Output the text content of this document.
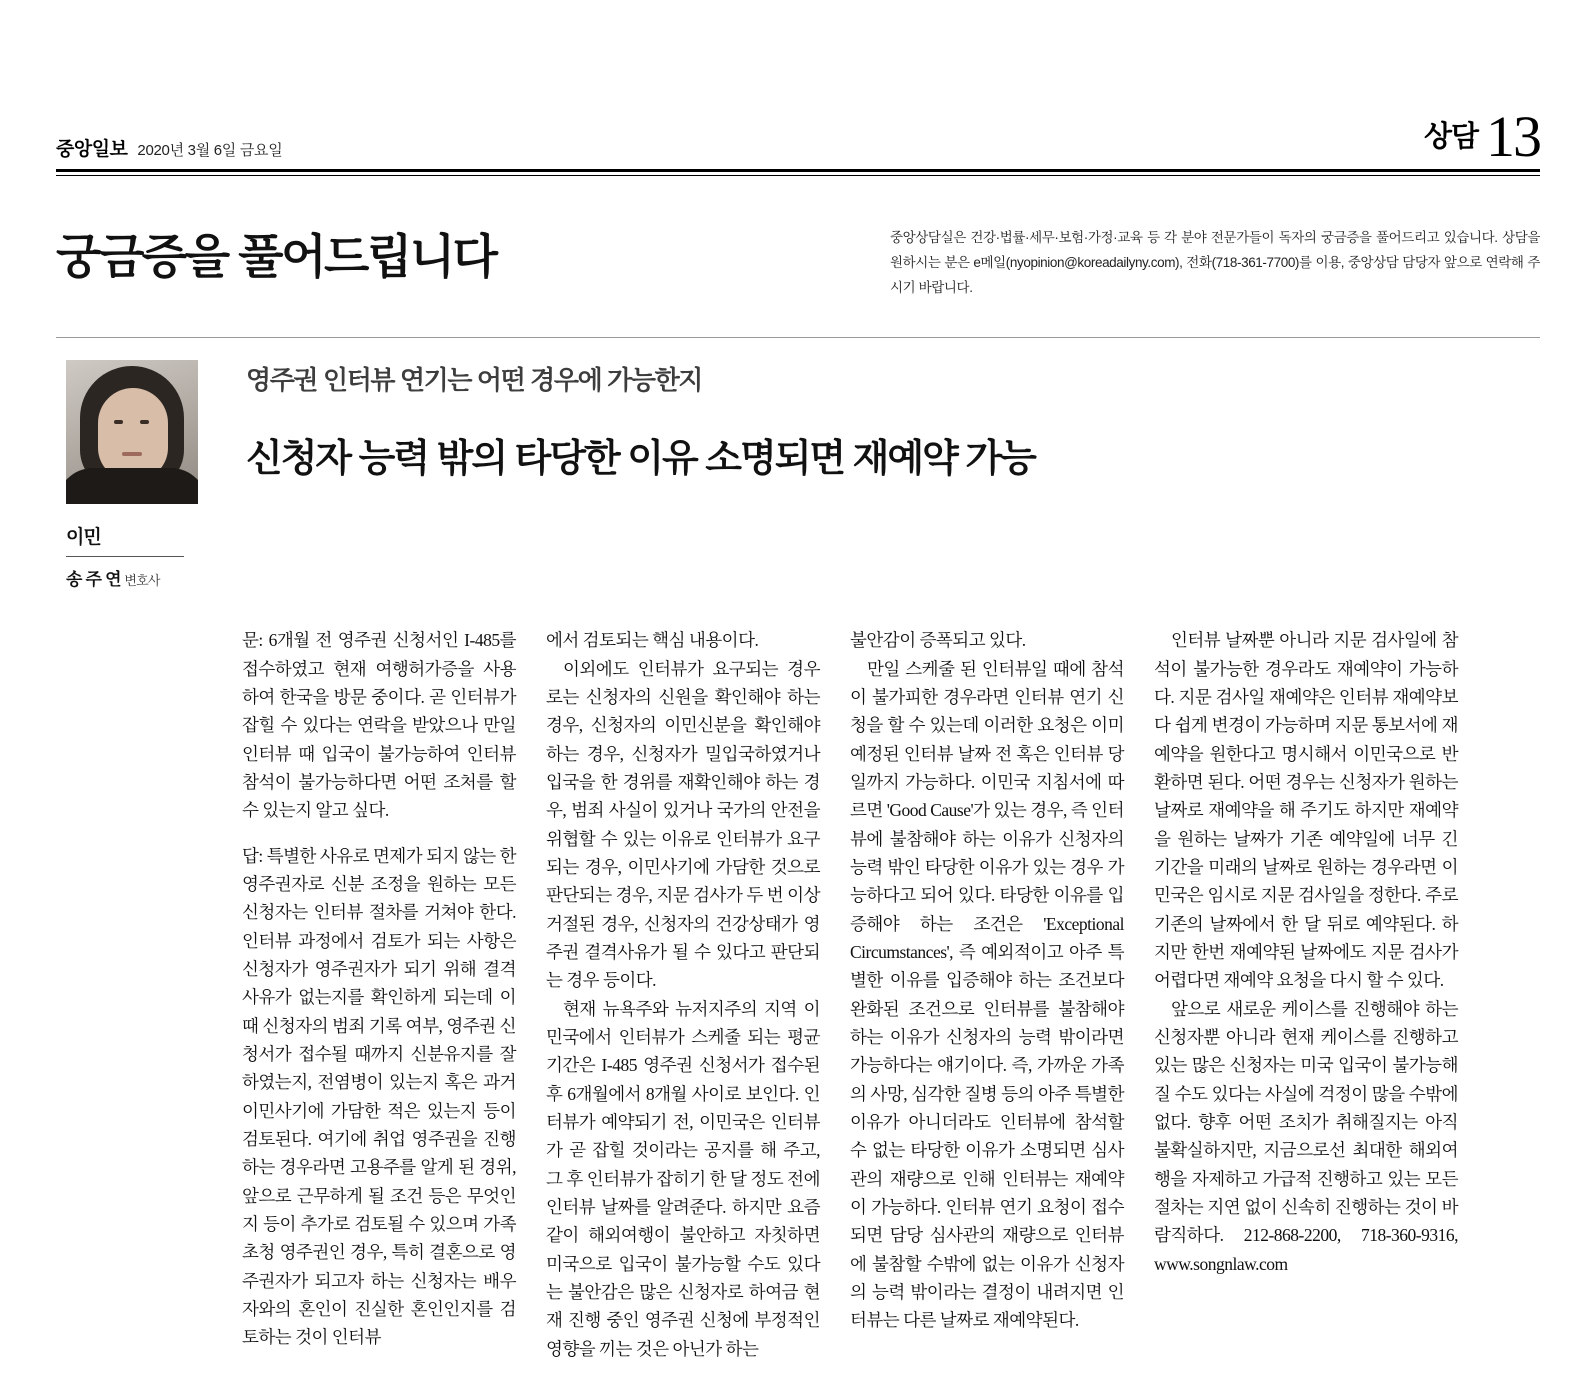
중앙일보 2020년 3월 6일 금요일	상담 13
궁금증을 풀어드립니다	중앙상담실은 건강·법률·세무·보험·가정·교육 등 각 분야 전문가들이 독자의 궁금증을 풀어드리고 있습니다. 상담을 원하시는 분은 e메일(nyopinion@koreadailyny.com), 전화(718-361-7700)를 이용, 중앙상담 담당자 앞으로 연락해 주시기 바랍니다.
이민
송 주 연 변호사
영주권 인터뷰 연기는 어떤 경우에 가능한지
신청자 능력 밖의 타당한 이유 소명되면 재예약 가능

문: 6개월 전 영주권 신청서인 I-485를 접수하였고 현재 여행허가증을 사용하여 한국을 방문 중이다. 곧 인터뷰가 잡힐 수 있다는 연락을 받았으나 만일 인터뷰 때 입국이 불가능하여 인터뷰 참석이 불가능하다면 어떤 조처를 할 수 있는지 알고 싶다.

답: 특별한 사유로 면제가 되지 않는 한 영주권자로 신분 조정을 원하는 모든 신청자는 인터뷰 절차를 거쳐야 한다. 인터뷰 과정에서 검토가 되는 사항은 신청자가 영주권자가 되기 위해 결격사유가 없는지를 확인하게 되는데 이때 신청자의 범죄 기록 여부, 영주권 신청서가 접수될 때까지 신분유지를 잘하였는지, 전염병이 있는지 혹은 과거 이민사기에 가담한 적은 있는지 등이 검토된다. 여기에 취업 영주권을 진행하는 경우라면 고용주를 알게 된 경위, 앞으로 근무하게 될 조건 등은 무엇인지 등이 추가로 검토될 수 있으며 가족 초청 영주권인 경우, 특히 결혼으로 영주권자가 되고자 하는 신청자는 배우자와의 혼인이 진실한 혼인인지를 검토하는 것이 인터뷰

에서 검토되는 핵심 내용이다.

이외에도 인터뷰가 요구되는 경우로는 신청자의 신원을 확인해야 하는 경우, 신청자의 이민신분을 확인해야 하는 경우, 신청자가 밀입국하였거나 입국을 한 경위를 재확인해야 하는 경우, 범죄 사실이 있거나 국가의 안전을 위협할 수 있는 이유로 인터뷰가 요구되는 경우, 이민사기에 가담한 것으로 판단되는 경우, 지문 검사가 두 번 이상 거절된 경우, 신청자의 건강상태가 영주권 결격사유가 될 수 있다고 판단되는 경우 등이다.

현재 뉴욕주와 뉴저지주의 지역 이민국에서 인터뷰가 스케줄 되는 평균 기간은 I-485 영주권 신청서가 접수된 후 6개월에서 8개월 사이로 보인다. 인터뷰가 예약되기 전, 이민국은 인터뷰가 곧 잡힐 것이라는 공지를 해 주고, 그 후 인터뷰가 잡히기 한 달 정도 전에 인터뷰 날짜를 알려준다. 하지만 요즘같이 해외여행이 불안하고 자칫하면 미국으로 입국이 불가능할 수도 있다는 불안감은 많은 신청자로 하여금 현재 진행 중인 영주권 신청에 부정적인 영향을 끼는 것은 아닌가 하는

불안감이 증폭되고 있다.

만일 스케줄 된 인터뷰일 때에 참석이 불가피한 경우라면 인터뷰 연기 신청을 할 수 있는데 이러한 요청은 이미 예정된 인터뷰 날짜 전 혹은 인터뷰 당일까지 가능하다. 이민국 지침서에 따르면 'Good Cause'가 있는 경우, 즉 인터뷰에 불참해야 하는 이유가 신청자의 능력 밖인 타당한 이유가 있는 경우 가능하다고 되어 있다. 타당한 이유를 입증해야 하는 조건은 'Exceptional Circumstances', 즉 예외적이고 아주 특별한 이유를 입증해야 하는 조건보다 완화된 조건으로 인터뷰를 불참해야 하는 이유가 신청자의 능력 밖이라면 가능하다는 얘기이다. 즉, 가까운 가족의 사망, 심각한 질병 등의 아주 특별한 이유가 아니더라도 인터뷰에 참석할 수 없는 타당한 이유가 소명되면 심사관의 재량으로 인해 인터뷰는 재예약이 가능하다. 인터뷰 연기 요청이 접수되면 담당 심사관의 재량으로 인터뷰에 불참할 수밖에 없는 이유가 신청자의 능력 밖이라는 결정이 내려지면 인터뷰는 다른 날짜로 재예약된다.

인터뷰 날짜뿐 아니라 지문 검사일에 참석이 불가능한 경우라도 재예약이 가능하다. 지문 검사일 재예약은 인터뷰 재예약보다 쉽게 변경이 가능하며 지문 통보서에 재예약을 원한다고 명시해서 이민국으로 반환하면 된다. 어떤 경우는 신청자가 원하는 날짜로 재예약을 해 주기도 하지만 재예약을 원하는 날짜가 기존 예약일에 너무 긴 기간을 미래의 날짜로 원하는 경우라면 이민국은 임시로 지문 검사일을 정한다. 주로 기존의 날짜에서 한 달 뒤로 예약된다. 하지만 한번 재예약된 날짜에도 지문 검사가 어렵다면 재예약 요청을 다시 할 수 있다.

앞으로 새로운 케이스를 진행해야 하는 신청자뿐 아니라 현재 케이스를 진행하고 있는 많은 신청자는 미국 입국이 불가능해질 수도 있다는 사실에 걱정이 많을 수밖에 없다. 향후 어떤 조치가 취해질지는 아직 불확실하지만, 지금으로선 최대한 해외여행을 자제하고 가급적 진행하고 있는 모든 절차는 지연 없이 신속히 진행하는 것이 바람직하다. 212-868-2200, 718-360-9316, www.songnlaw.com
